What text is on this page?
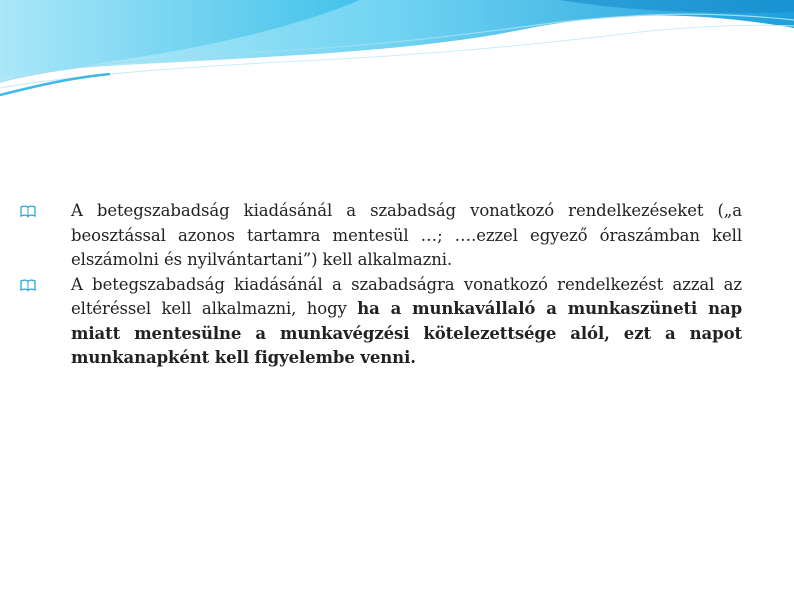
A betegszabadság kiadásánál a szabadság vonatkozó rendelkezéseket („a beosztással azonos tartamra mentesül …; ….ezzel egyező óraszámban kell elszámolni és nyilvántartani”) kell alkalmazni.

A betegszabadság kiadásánál a szabadságra vonatkozó rendelkezést azzal az eltéréssel kell alkalmazni, hogy ha a munkavállaló a munkaszüneti nap miatt mentesülne a munkavégzési kötelezettsége alól, ezt a napot munkanapként kell figyelembe venni.
